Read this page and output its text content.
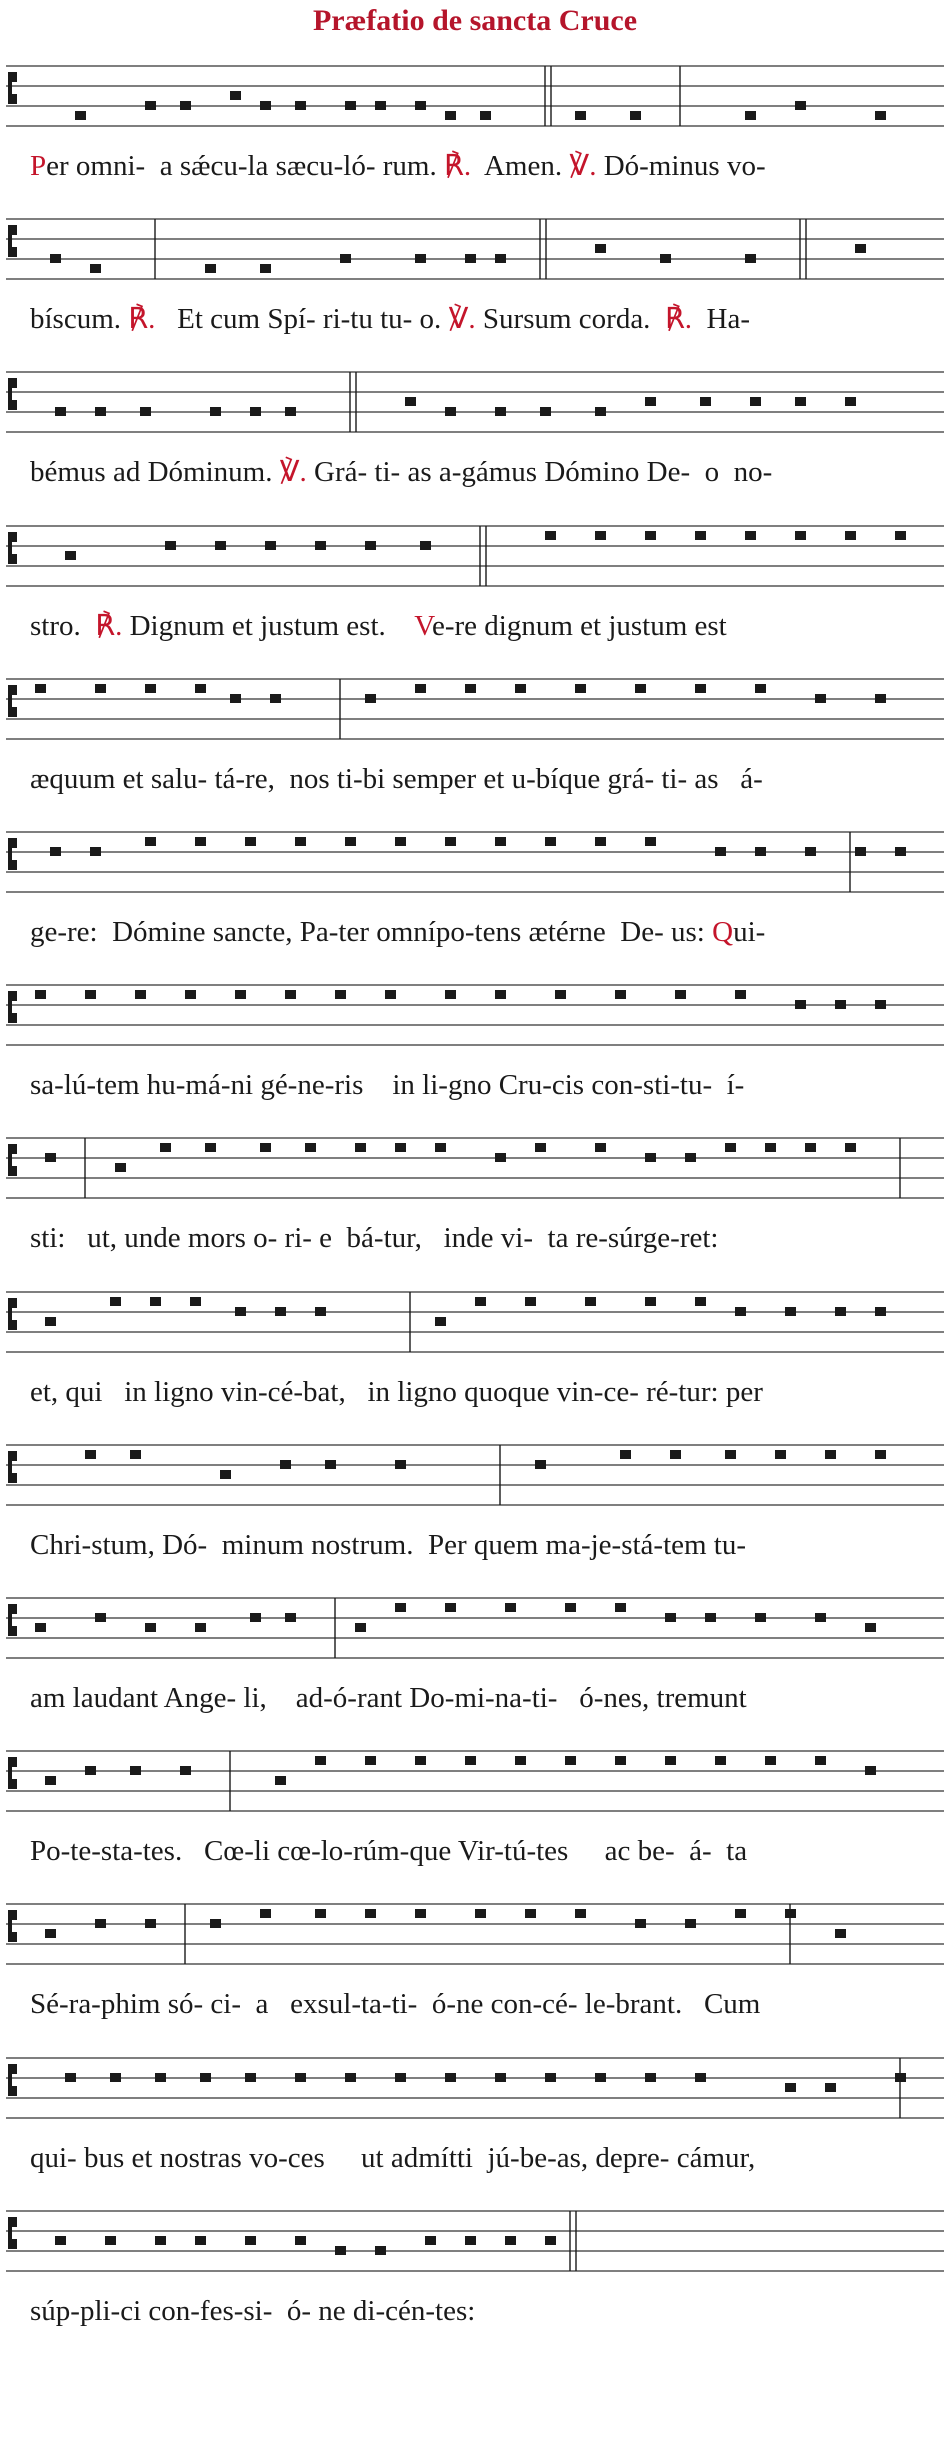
Præfatio de sancta Cruce
Per omni-  a sǽcu-la sæcu-ló- rum. ℟.  Amen. ℣. Dó-minus vo-
bíscum. ℟.   Et cum Spí- ri-tu tu- o. ℣. Sursum corda.  ℟.  Ha-
bémus ad Dóminum. ℣. Grá- ti- as a-gámus Dómino De-  o  no-
stro.  ℟. Dignum et justum est.    Ve-re dignum et justum est
æquum et salu- tá-re,  nos ti-bi semper et u-bíque grá- ti- as   á-
ge-re:  Dómine sancte, Pa-ter omnípo-tens ætérne  De- us: Qui-
sa-lú-tem hu-má-ni gé-ne-ris    in li-gno Cru-cis con-sti-tu-  í-
sti:   ut, unde mors o- ri- e  bá-tur,   inde vi-  ta re-súrge-ret:
et, qui   in ligno vin-cé-bat,   in ligno quoque vin-ce- ré-tur: per
Chri-stum, Dó-  minum nostrum.  Per quem ma-je-stá-tem tu-
am laudant Ange- li,    ad-ó-rant Do-mi-na-ti-   ó-nes, tremunt
Po-te-sta-tes.   Cœ-li cœ-lo-rúm-que Vir-tú-tes     ac be-  á-  ta
Sé-ra-phim só- ci-  a   exsul-ta-ti-  ó-ne con-cé- le-brant.   Cum
qui- bus et nostras vo-ces     ut admítti  jú-be-as, depre- cámur,
súp-pli-ci con-fes-si-  ó- ne di-cén-tes:
